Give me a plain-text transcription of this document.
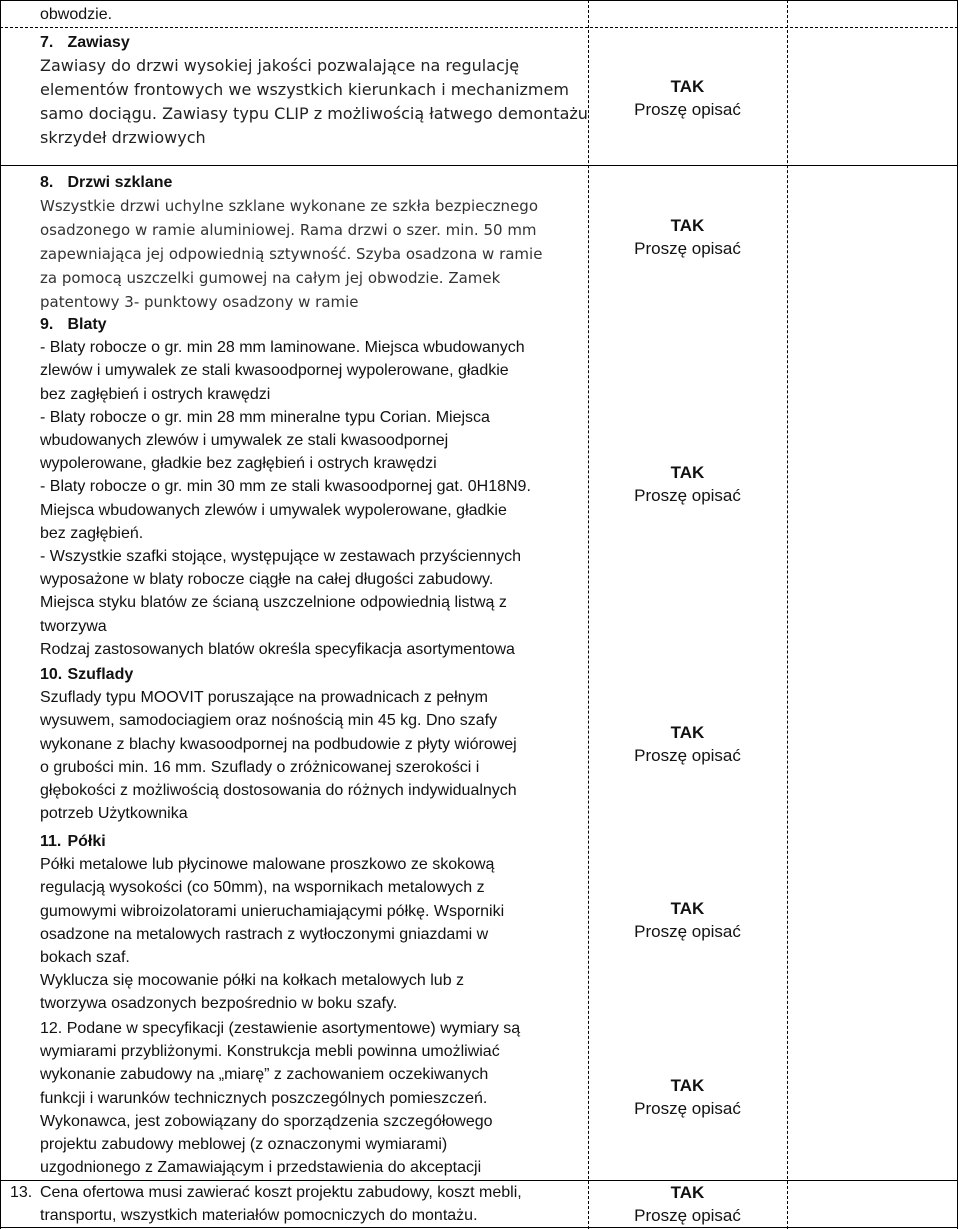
obwodzie.
7. Zawiasy
Zawiasy do drzwi wysokiej jakości pozwalające na regulację elementów frontowych we wszystkich kierunkach i mechanizmem samo dociągu. Zawiasy typu CLIP z możliwością łatwego demontażu skrzydeł drzwiowych
TAK
Proszę opisać
8. Drzwi szklane
Wszystkie drzwi uchylne szklane wykonane ze szkła bezpiecznego
osadzonego w ramie aluminiowej. Rama drzwi o szer. min. 50 mm
zapewniająca jej odpowiednią sztywność. Szyba osadzona w ramie
za pomocą uszczelki gumowej na całym jej obwodzie. Zamek
patentowy 3- punktowy osadzony w ramie
TAK
Proszę opisać
9. Blaty
- Blaty robocze o gr. min 28 mm laminowane. Miejsca wbudowanych
zlewów i umywalek ze stali kwasoodpornej wypolerowane, gładkie
bez zagłębień i ostrych krawędzi
- Blaty robocze o gr. min 28 mm mineralne typu Corian. Miejsca
wbudowanych zlewów i umywalek ze stali kwasoodpornej
wypolerowane, gładkie bez zagłębień i ostrych krawędzi
- Blaty robocze o gr. min 30 mm ze stali kwasoodpornej gat. 0H18N9.
Miejsca wbudowanych zlewów i umywalek wypolerowane, gładkie
bez zagłębień.
- Wszystkie szafki stojące, występujące w zestawach przyściennych
wyposażone w blaty robocze ciągłe na całej długości zabudowy.
Miejsca styku blatów ze ścianą uszczelnione odpowiednią listwą z
tworzywa
Rodzaj zastosowanych blatów określa specyfikacja asortymentowa
TAK
Proszę opisać
10. Szuflady
Szuflady typu MOOVIT poruszające na prowadnicach z pełnym
wysuwem, samodociagiem oraz nośnością min 45 kg. Dno szafy
wykonane z blachy kwasoodpornej na podbudowie z płyty wiórowej
o grubości min. 16 mm. Szuflady o zróżnicowanej szerokości i
głębokości z możliwością dostosowania do różnych indywidualnych
potrzeb Użytkownika
TAK
Proszę opisać
11. Półki
Półki metalowe lub płycinowe malowane proszkowo ze skokową
regulacją wysokości (co 50mm), na wspornikach metalowych z
gumowymi wibroizolatorami unieruchamiającymi półkę. Wsporniki
osadzone na metalowych rastrach z wytłoczonymi gniazdami w
bokach szaf.
Wyklucza się mocowanie półki na kołkach metalowych lub z
tworzywa osadzonych bezpośrednio w boku szafy.
TAK
Proszę opisać
12. Podane w specyfikacji (zestawienie asortymentowe) wymiary są
wymiarami przybliżonymi. Konstrukcja mebli powinna umożliwiać
wykonanie zabudowy na „miarę” z zachowaniem oczekiwanych
funkcji i warunków technicznych poszczególnych pomieszczeń.
Wykonawca, jest zobowiązany do sporządzenia szczegółowego
projektu zabudowy meblowej (z oznaczonymi wymiarami)
uzgodnionego z Zamawiającym i przedstawienia do akceptacji
TAK
Proszę opisać
13. Cena ofertowa musi zawierać koszt projektu zabudowy, koszt mebli,
transportu, wszystkich materiałów pomocniczych do montażu.
TAK
Proszę opisać
